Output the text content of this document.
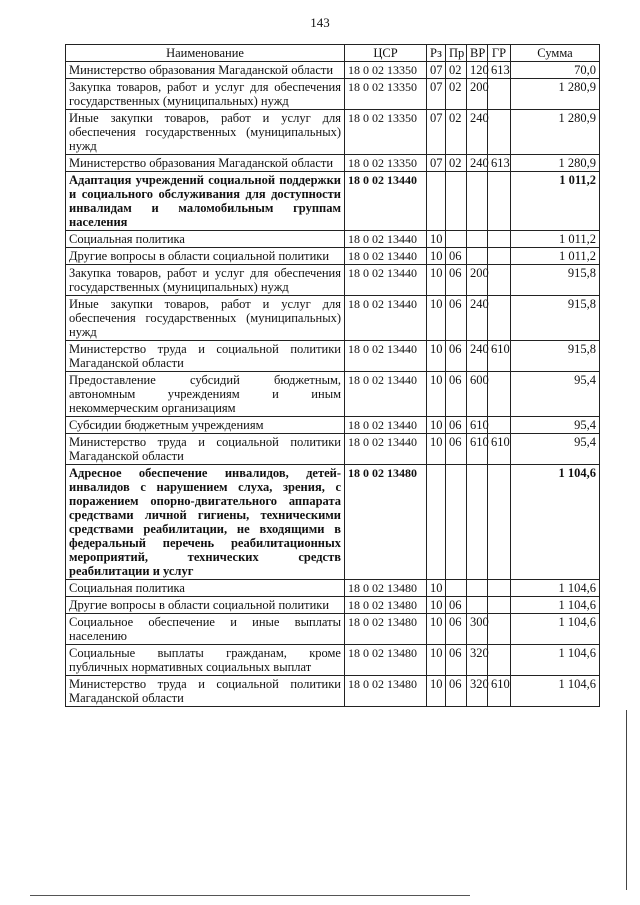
143
Наименование	ЦСР	Рз	Пр	ВР	ГР	Сумма
Министерство образования Магаданской области	18 0 02 13350	07	02	120	613	70,0
Закупка товаров, работ и услуг для обеспечения государственных (муниципальных) нужд	18 0 02 13350	07	02	200		1 280,9
Иные закупки товаров, работ и услуг для обеспечения государственных (муниципальных) нужд	18 0 02 13350	07	02	240		1 280,9
Министерство образования Магаданской области	18 0 02 13350	07	02	240	613	1 280,9
Адаптация учреждений социальной поддержки и социального обслуживания для доступности инвалидам и маломобильным группам населения	18 0 02 13440					1 011,2
Социальная политика	18 0 02 13440	10				1 011,2
Другие вопросы в области социальной политики	18 0 02 13440	10	06			1 011,2
Закупка товаров, работ и услуг для обеспечения государственных (муниципальных) нужд	18 0 02 13440	10	06	200		915,8
Иные закупки товаров, работ и услуг для обеспечения государственных (муниципальных) нужд	18 0 02 13440	10	06	240		915,8
Министерство труда и социальной политики Магаданской области	18 0 02 13440	10	06	240	610	915,8
Предоставление субсидий бюджетным, автономным учреждениям и иным некоммерческим организациям	18 0 02 13440	10	06	600		95,4
Субсидии бюджетным учреждениям	18 0 02 13440	10	06	610		95,4
Министерство труда и социальной политики Магаданской области	18 0 02 13440	10	06	610	610	95,4
Адресное обеспечение инвалидов, детей-инвалидов с нарушением слуха, зрения, с поражением опорно-двигательного аппарата средствами личной гигиены, техническими средствами реабилитации, не входящими в федеральный перечень реабилитационных мероприятий, технических средств реабилитации и услуг	18 0 02 13480					1 104,6
Социальная политика	18 0 02 13480	10				1 104,6
Другие вопросы в области социальной политики	18 0 02 13480	10	06			1 104,6
Социальное обеспечение и иные выплаты населению	18 0 02 13480	10	06	300		1 104,6
Социальные выплаты гражданам, кроме публичных нормативных социальных выплат	18 0 02 13480	10	06	320		1 104,6
Министерство труда и социальной политики Магаданской области	18 0 02 13480	10	06	320	610	1 104,6
